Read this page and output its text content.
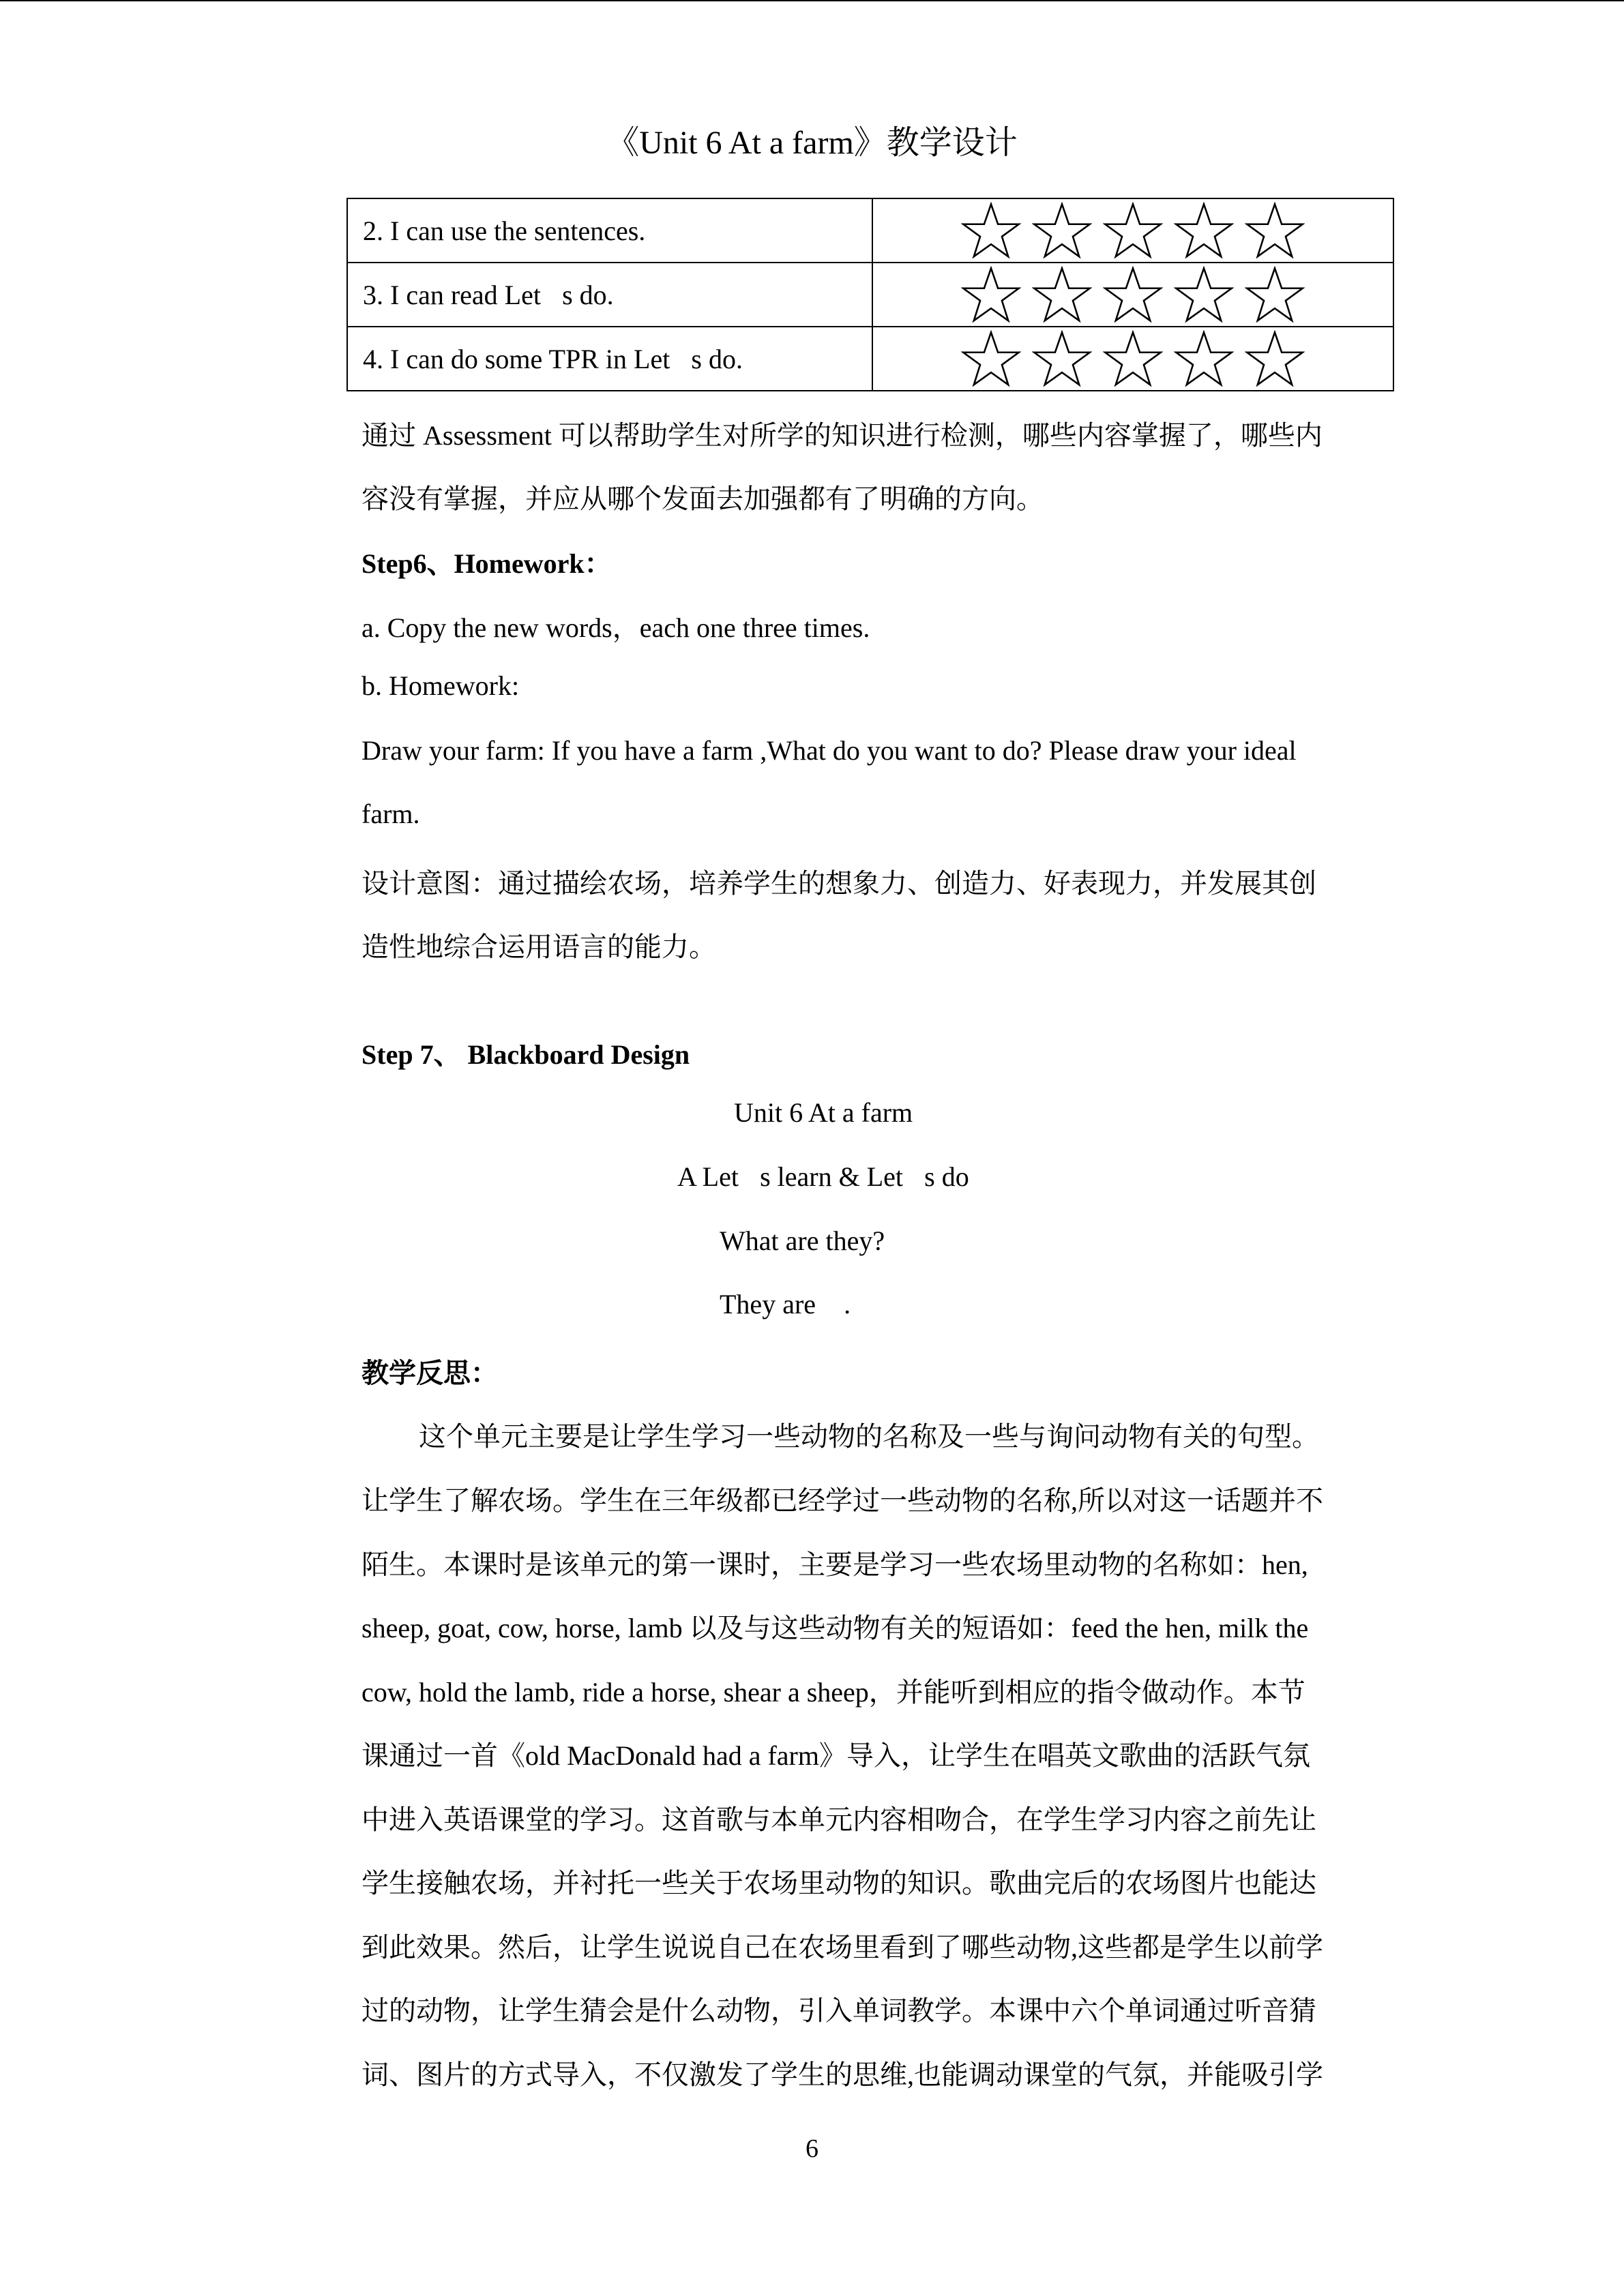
《Unit 6 At a farm》教学设计
2. I can use the sentences.	

3. I can read Let s do.	

4. I can do some TPR in Let s do.	
通过 Assessment 可以帮助学生对所学的知识进行检测，哪些内容掌握了，哪些内
容没有掌握，并应从哪个发面去加强都有了明确的方向。
Step6、Homework：
a. Copy the new words，each one three times.
b. Homework:
Draw your farm: If you have a farm ,What do you want to do? Please draw your ideal
farm.
设计意图：通过描绘农场，培养学生的想象力、创造力、好表现力，并发展其创
造性地综合运用语言的能力。
Step 7、 Blackboard Design
Unit 6 At a farm
A Let s learn & Let s do
What are they?
They are  .
教学反思：
这个单元主要是让学生学习一些动物的名称及一些与询问动物有关的句型。
让学生了解农场。学生在三年级都已经学过一些动物的名称,所以对这一话题并不
陌生。本课时是该单元的第一课时，主要是学习一些农场里动物的名称如：hen,
sheep, goat, cow, horse, lamb 以及与这些动物有关的短语如：feed the hen, milk the
cow, hold the lamb, ride a horse, shear a sheep，并能听到相应的指令做动作。本节
课通过一首《old MacDonald had a farm》导入，让学生在唱英文歌曲的活跃气氛
中进入英语课堂的学习。这首歌与本单元内容相吻合，在学生学习内容之前先让
学生接触农场，并衬托一些关于农场里动物的知识。歌曲完后的农场图片也能达
到此效果。然后，让学生说说自己在农场里看到了哪些动物,这些都是学生以前学
过的动物，让学生猜会是什么动物，引入单词教学。本课中六个单词通过听音猜
词、图片的方式导入，不仅激发了学生的思维,也能调动课堂的气氛，并能吸引学
6
